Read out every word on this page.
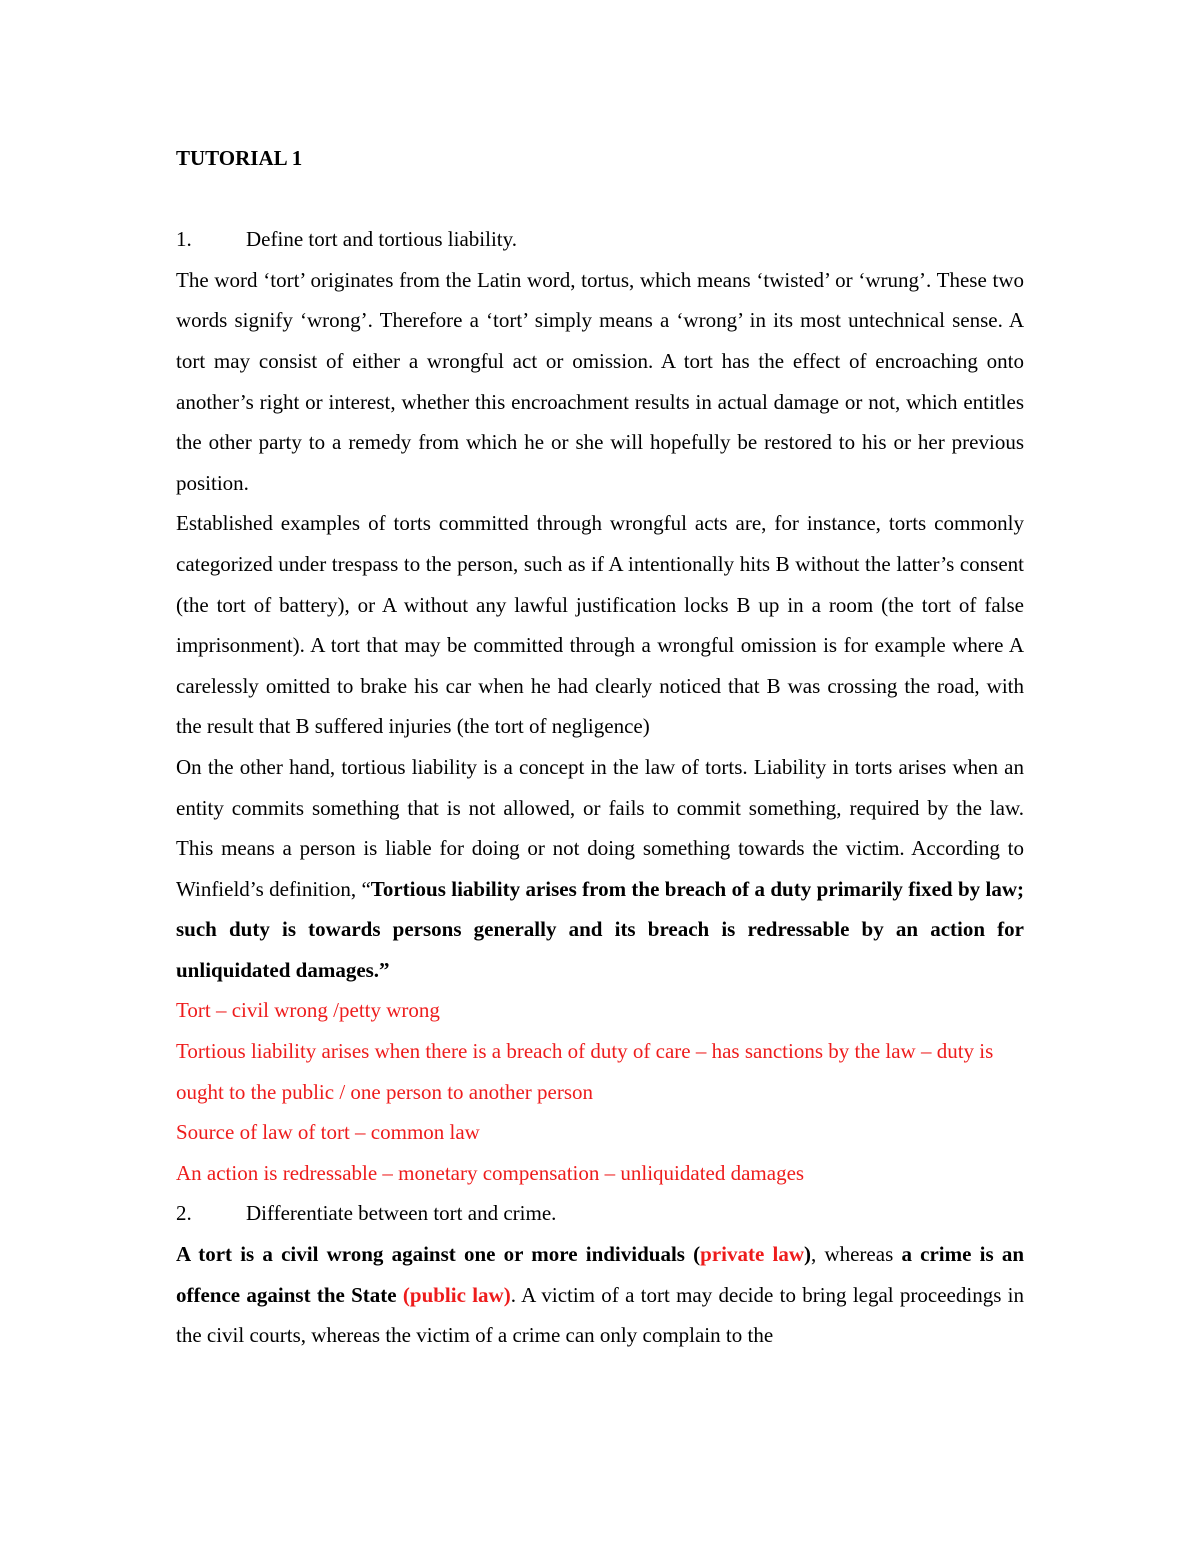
TUTORIAL 1

1.	Define tort and tortious liability.

The word ‘tort’ originates from the Latin word, tortus, which means ‘twisted’ or ‘wrung’. These two words signify ‘wrong’. Therefore a ‘tort’ simply means a ‘wrong’ in its most untechnical sense. A tort may consist of either a wrongful act or omission. A tort has the effect of encroaching onto another’s right or interest, whether this encroachment results in actual damage or not, which entitles the other party to a remedy from which he or she will hopefully be restored to his or her previous position.

Established examples of torts committed through wrongful acts are, for instance, torts commonly categorized under trespass to the person, such as if A intentionally hits B without the latter’s consent (the tort of battery), or A without any lawful justification locks B up in a room (the tort of false imprisonment). A tort that may be committed through a wrongful omission is for example where A carelessly omitted to brake his car when he had clearly noticed that B was crossing the road, with the result that B suffered injuries (the tort of negligence)

On the other hand, tortious liability is a concept in the law of torts. Liability in torts arises when an entity commits something that is not allowed, or fails to commit something, required by the law. This means a person is liable for doing or not doing something towards the victim. According to Winfield’s definition, “Tortious liability arises from the breach of a duty primarily fixed by law; such duty is towards persons generally and its breach is redressable by an action for unliquidated damages.”

Tort – civil wrong /petty wrong

Tortious liability arises when there is a breach of duty of care – has sanctions by the law – duty is ought to the public / one person to another person

Source of law of tort – common law

An action is redressable – monetary compensation – unliquidated damages

2.	Differentiate between tort and crime.

A tort is a civil wrong against one or more individuals (private law), whereas a crime is an offence against the State (public law). A victim of a tort may decide to bring legal proceedings in the civil courts, whereas the victim of a crime can only complain to the
